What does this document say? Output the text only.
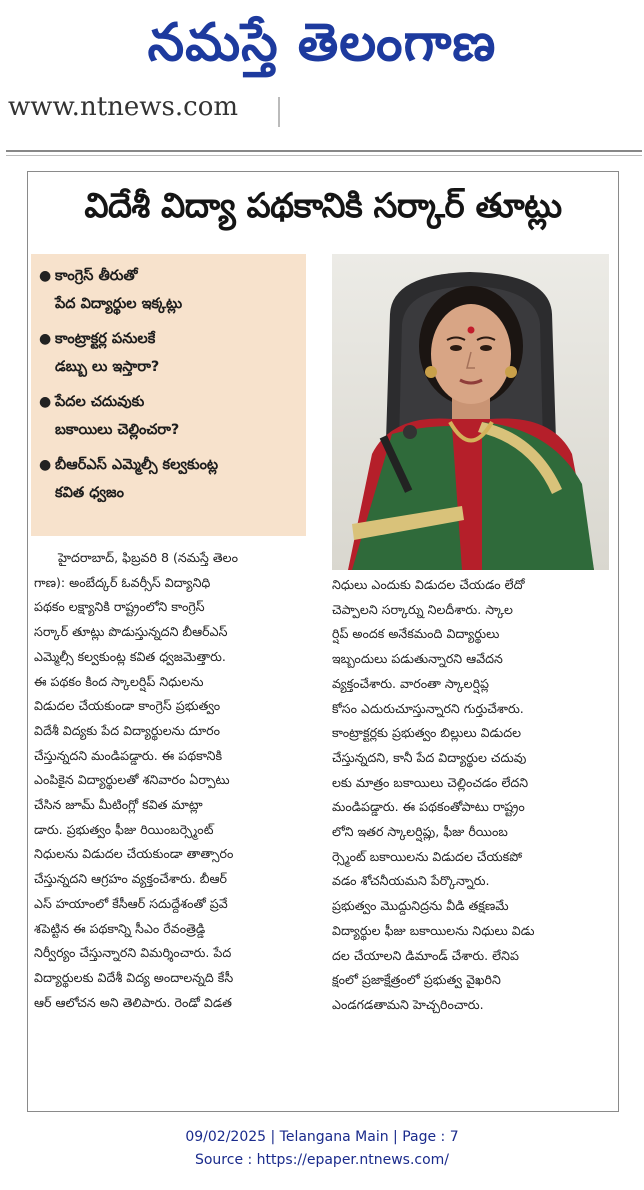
నమస్తే తెలంగాణ
www.ntnews.com
విదేశీ విద్యా పథకానికి సర్కార్ తూట్లు
● కాంగ్రెస్ తీరుతో
పేద విద్యార్థుల ఇక్కట్లు
● కాంట్రాక్టర్ల పనులకే
డబ్బు లు ఇస్తారా?
● పేదల చదువుకు
బకాయిలు చెల్లించరా?
● బీఆర్ఎస్ ఎమ్మెల్సీ కల్వకుంట్ల
కవిత ధ్వజం
హైదరాబాద్, ఫిబ్రవరి 8 (నమస్తే తెలం
గాణ): అంబేద్కర్ ఓవర్సీస్ విద్యానిధి
పథకం లక్ష్యానికి రాష్ట్రంలోని కాంగ్రెస్
సర్కార్ తూట్లు పొడుస్తున్నదని బీఆర్ఎస్
ఎమ్మెల్సీ కల్వకుంట్ల కవిత ధ్వజమెత్తారు.
ఈ పథకం కింద స్కాలర్షిప్ నిధులను
విడుదల చేయకుండా కాంగ్రెస్ ప్రభుత్వం
విదేశీ విద్యకు పేద విద్యార్థులను దూరం
చేస్తున్నదని మండిపడ్డారు. ఈ పథకానికి
ఎంపికైన విద్యార్థులతో శనివారం ఏర్పాటు
చేసిన జూమ్ మీటింగ్లో కవిత మాట్లా
డారు. ప్రభుత్వం ఫీజు రియింబర్స్మెంట్
నిధులను విడుదల చేయకుండా తాత్సారం
చేస్తున్నదని ఆగ్రహం వ్యక్తంచేశారు. బీఆర్
ఎస్ హయాంలో కేసీఆర్ సదుద్దేశంతో ప్రవే
శపెట్టిన ఈ పథకాన్ని సీఎం రేవంత్రెడ్డి
నిర్వీర్యం చేస్తున్నారని విమర్శించారు. పేద
విద్యార్థులకు విదేశీ విద్య అందాలన్నది కేసీ
ఆర్ ఆలోచన అని తెలిపారు. రెండో విడత
నిధులు ఎందుకు విడుదల చేయడం లేదో
చెప్పాలని సర్కార్ను నిలదీశారు. స్కాల
ర్షిప్ అందక అనేకమంది విద్యార్థులు
ఇబ్బందులు పడుతున్నారని ఆవేదన
వ్యక్తంచేశారు. వారంతా స్కాలర్షిప్ల
కోసం ఎదురుచూస్తున్నారని గుర్తుచేశారు.
కాంట్రాక్టర్లకు ప్రభుత్వం బిల్లులు విడుదల
చేస్తున్నదని, కానీ పేద విద్యార్థుల చదువు
లకు మాత్రం బకాయిలు చెల్లించడం లేదని
మండిపడ్డారు. ఈ పథకంతోపాటు రాష్ట్రం
లోని ఇతర స్కాలర్షిప్లు, ఫీజు రీయింబ
ర్స్మెంట్ బకాయిలను విడుదల చేయకపో
వడం శోచనీయమని పేర్కొన్నారు.
ప్రభుత్వం మొద్దునిద్రను వీడి తక్షణమే
విద్యార్థుల ఫీజు బకాయిలను నిధులు విడు
దల చేయాలని డిమాండ్ చేశారు. లేనిప
క్షంలో ప్రజాక్షేత్రంలో ప్రభుత్వ వైఖరిని
ఎండగడతామని హెచ్చరించారు.
09/02/2025 | Telangana Main | Page : 7
Source : https://epaper.ntnews.com/
